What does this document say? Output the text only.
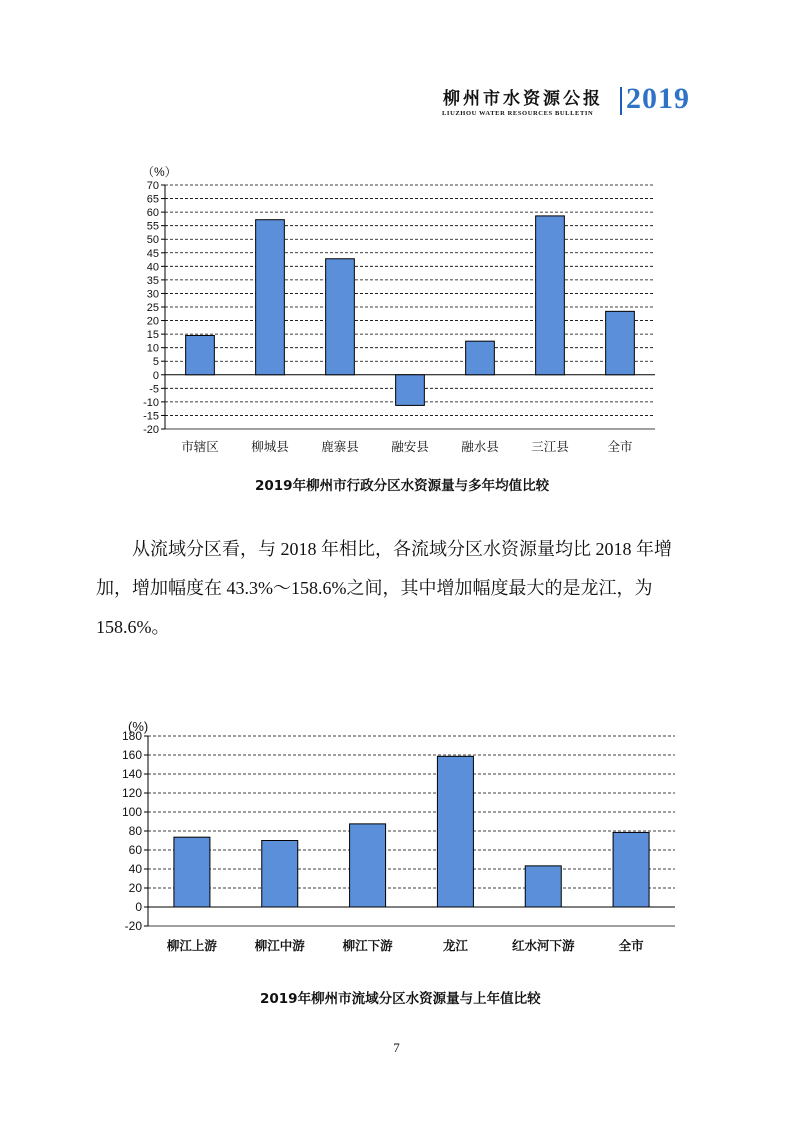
柳州市水资源公报
LIUZHOU WATER RESOURCES BULLETIN 2019
70
65
60
55
50
45
40
35
30
25
20
15
10
5
0
-5
-10
-15
-20
（%）
市辖区	柳城县	鹿寨县	融安县	融水县	三江县	全市
2019年柳州市行政分区水资源量与多年均值比较

从流域分区看，与 2018 年相比，各流域分区水资源量均比 2018 年增

加，增加幅度在 43.3%～158.6%之间，其中增加幅度最大的是龙江，为

158.6%。

180
160
140
120
100
80
60
40
20
0
-20
(%)
柳江上游	柳江中游	柳江下游	龙江	红水河下游	全市
2019年柳州市流域分区水资源量与上年值比较
7
